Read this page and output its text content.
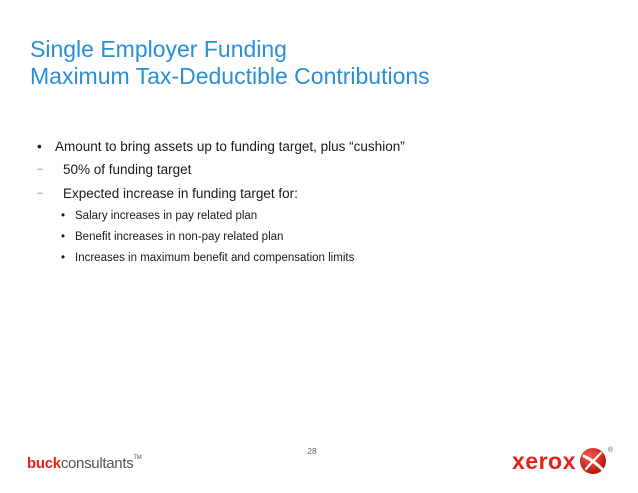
Single Employer Funding
Maximum Tax-Deductible Contributions
• Amount to bring assets up to funding target, plus “cushion”
– 50% of funding target
– Expected increase in funding target for:
• Salary increases in pay related plan
• Benefit increases in non-pay related plan
• Increases in maximum benefit and compensation limits
28
buckconsultants™	xerox	®
